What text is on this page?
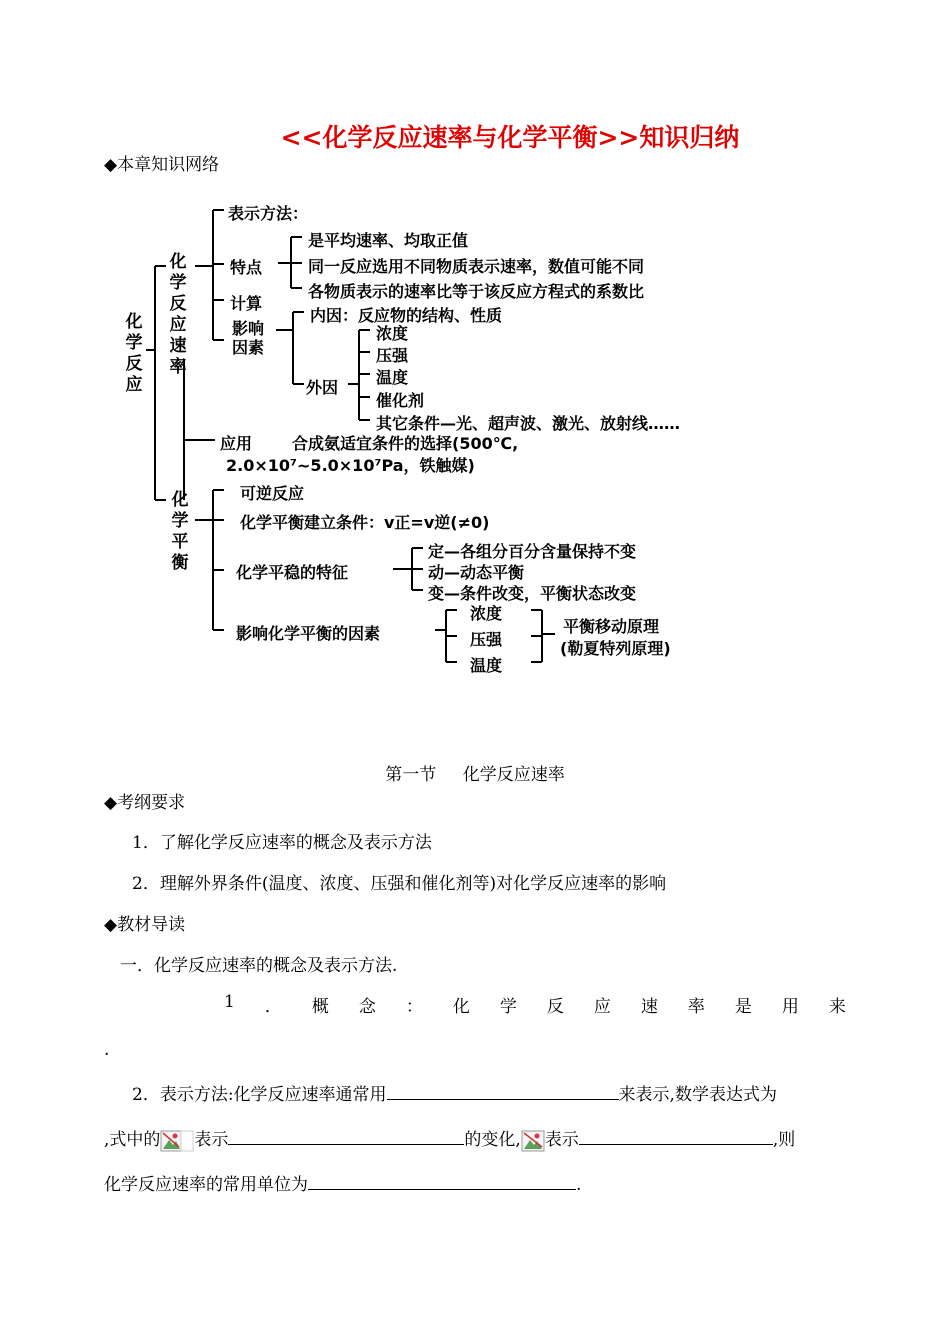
<<化学反应速率与化学平衡>>知识归纳
◆本章知识网络
化学反应
化学反应速率
化学平衡
表示方法：
特点
是平均速率、均取正值
同一反应选用不同物质表示速率，数值可能不同
各物质表示的速率比等于该反应方程式的系数比
计算
影响因素
内因：反应物的结构、性质
外因
浓度
压强
温度
催化剂
其它条件—光、超声波、激光、放射线……
应用 合成氨适宜条件的选择(500℃,
2.0×10⁷~5.0×10⁷Pa，铁触媒)
可逆反应
化学平衡建立条件：v正=v逆(≠0)
化学平稳的特征
定—各组分百分含量保持不变
动—动态平衡
变—条件改变，平衡状态改变
影响化学平衡的因素
浓度
压强
温度
平衡移动原理
(勒夏特列原理)
第一节　 化学反应速率
◆考纲要求
1．了解化学反应速率的概念及表示方法
2．理解外界条件(温度、浓度、压强和催化剂等)对化学反应速率的影响
◆教材导读
一．化学反应速率的概念及表示方法.
1 ． 概 念 ： 化 学 反 应 速 率 是 用 来
.
2．表示方法:化学反应速率通常用	来表示,数学表达式为
,式中的 表示	的变化, 表示	,则
化学反应速率的常用单位为	.
